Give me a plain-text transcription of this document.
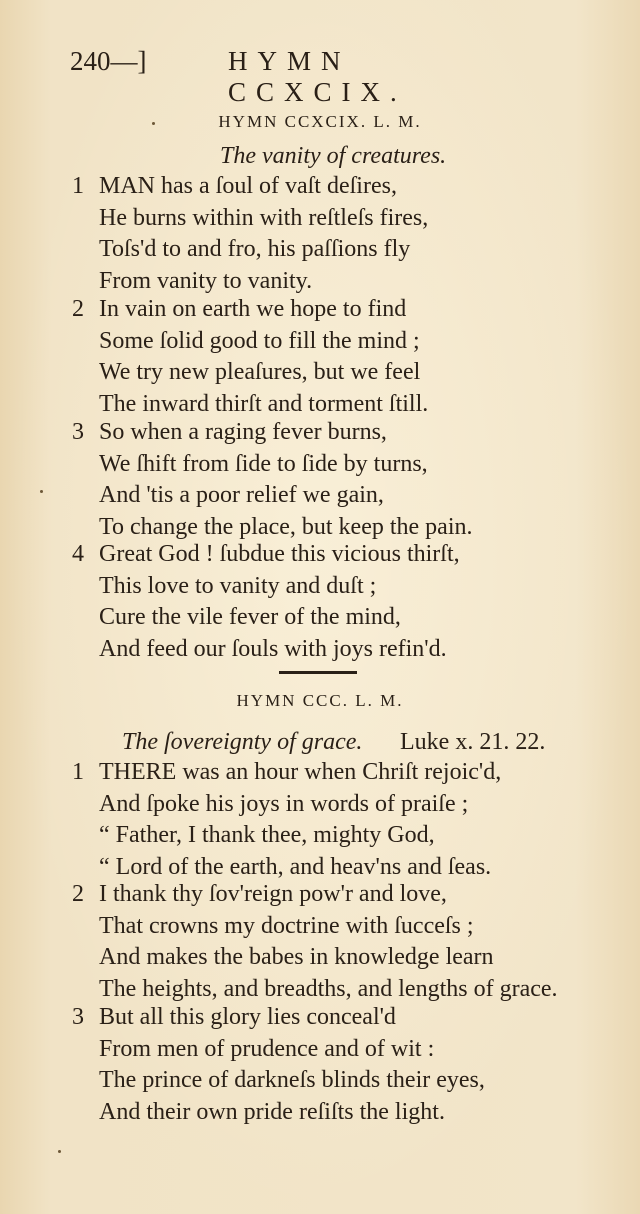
240—]	HYMN CCXCIX.
HYMN CCXCIX. L. M.
The vanity of creatures.
1 MAN has a ſoul of vaſt deſires,
He burns within with reſtleſs fires,
Toſs'd to and fro, his paſſions fly
From vanity to vanity.
2 In vain on earth we hope to find
Some ſolid good to fill the mind ;
We try new pleaſures, but we feel
The inward thirſt and torment ſtill.
3 So when a raging fever burns,
We ſhift from ſide to ſide by turns,
And 'tis a poor relief we gain,
To change the place, but keep the pain.
4 Great God ! ſubdue this vicious thirſt,
This love to vanity and duſt ;
Cure the vile fever of the mind,
And feed our ſouls with joys refin'd.
HYMN CCC. L. M.
The ſovereignty of grace. Luke x. 21. 22.
1 THERE was an hour when Chriſt rejoic'd,
And ſpoke his joys in words of praiſe ;
“ Father, I thank thee, mighty God,
“ Lord of the earth, and heav'ns and ſeas.
2 I thank thy ſov'reign pow'r and love,
That crowns my doctrine with ſucceſs ;
And makes the babes in knowledge learn
The heights, and breadths, and lengths of grace.
3 But all this glory lies conceal'd
From men of prudence and of wit :
The prince of darkneſs blinds their eyes,
And their own pride reſiſts the light.
